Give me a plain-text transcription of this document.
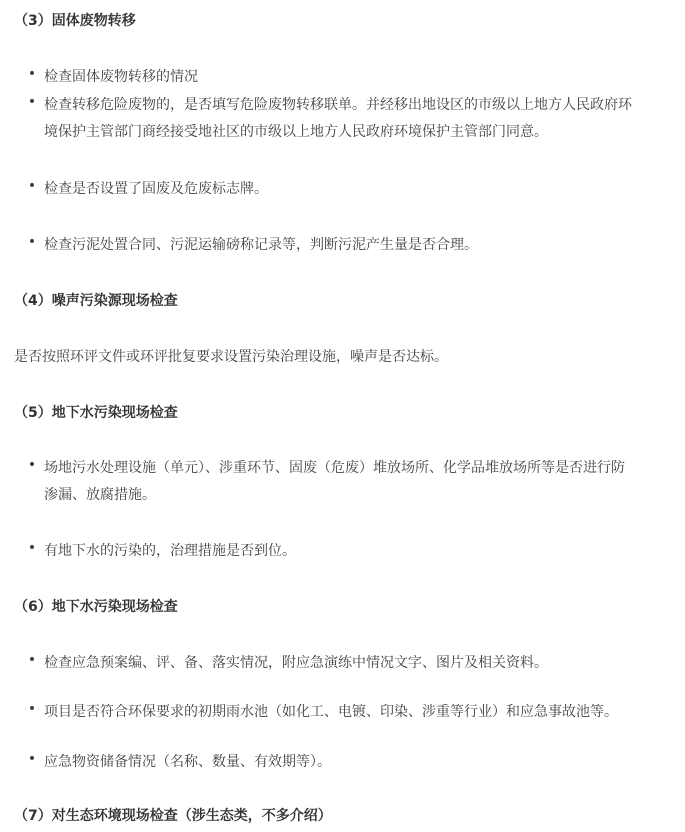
（3）固体废物转移
• 检查固体废物转移的情况
• 检查转移危险废物的，是否填写危险废物转移联单。并经移出地设区的市级以上地方人民政府环
境保护主管部门商经接受地社区的市级以上地方人民政府环境保护主管部门同意。
• 检查是否设置了固废及危废标志牌。
• 检查污泥处置合同、污泥运输磅称记录等，判断污泥产生量是否合理。
（4）噪声污染源现场检查
是否按照环评文件或环评批复要求设置污染治理设施，噪声是否达标。
（5）地下水污染现场检查
• 场地污水处理设施（单元）、涉重环节、固废（危废）堆放场所、化学品堆放场所等是否进行防
渗漏、放腐措施。
• 有地下水的污染的，治理措施是否到位。
（6）地下水污染现场检查
• 检查应急预案编、评、备、落实情况，附应急演练中情况文字、图片及相关资料。
• 项目是否符合环保要求的初期雨水池（如化工、电镀、印染、涉重等行业）和应急事故池等。
• 应急物资储备情况（名称、数量、有效期等）。
（7）对生态环境现场检查（涉生态类，不多介绍）
